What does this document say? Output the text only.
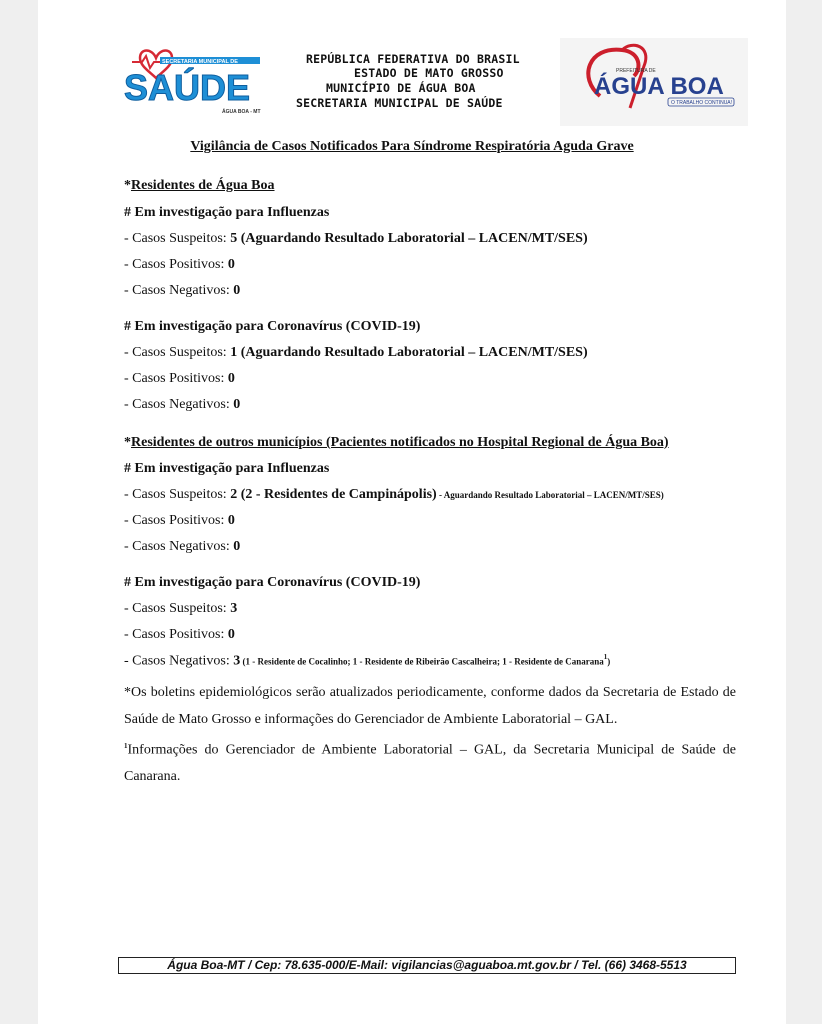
SECRETARIA MUNICIPAL DE
SAÚDE
ÁGUA BOA - MT
REPÚBLICA FEDERATIVA DO BRASIL
ESTADO DE MATO GROSSO
MUNICÍPIO DE ÁGUA BOA
SECRETARIA MUNICIPAL DE SAÚDE
PREFEITURA DE
ÁGUA BOA
O TRABALHO CONTINUA!
Vigilância de Casos Notificados Para Síndrome Respiratória Aguda Grave
*Residentes de Água Boa
# Em investigação para Influenzas
- Casos Suspeitos: 5 (Aguardando Resultado Laboratorial – LACEN/MT/SES)
- Casos Positivos: 0
- Casos Negativos: 0
# Em investigação para Coronavírus (COVID-19)
- Casos Suspeitos: 1 (Aguardando Resultado Laboratorial – LACEN/MT/SES)
- Casos Positivos: 0
- Casos Negativos: 0
*Residentes de outros municípios (Pacientes notificados no Hospital Regional de Água Boa)
# Em investigação para Influenzas
- Casos Suspeitos: 2 (2 - Residentes de Campinápolis) - Aguardando Resultado Laboratorial – LACEN/MT/SES)
- Casos Positivos: 0
- Casos Negativos: 0
# Em investigação para Coronavírus (COVID-19)
- Casos Suspeitos: 3
- Casos Positivos: 0
- Casos Negativos: 3 (1 - Residente de Cocalinho; 1 - Residente de Ribeirão Cascalheira; 1 - Residente de Canarana$^1$)
*Os boletins epidemiológicos serão atualizados periodicamente, conforme dados da Secretaria de Estado de Saúde de Mato Grosso e informações do Gerenciador de Ambiente Laboratorial – GAL.
$^1$Informações do Gerenciador de Ambiente Laboratorial – GAL, da Secretaria Municipal de Saúde de Canarana.
Água Boa-MT / Cep: 78.635-000/E-Mail: vigilancias@aguaboa.mt.gov.br / Tel. (66) 3468-5513
